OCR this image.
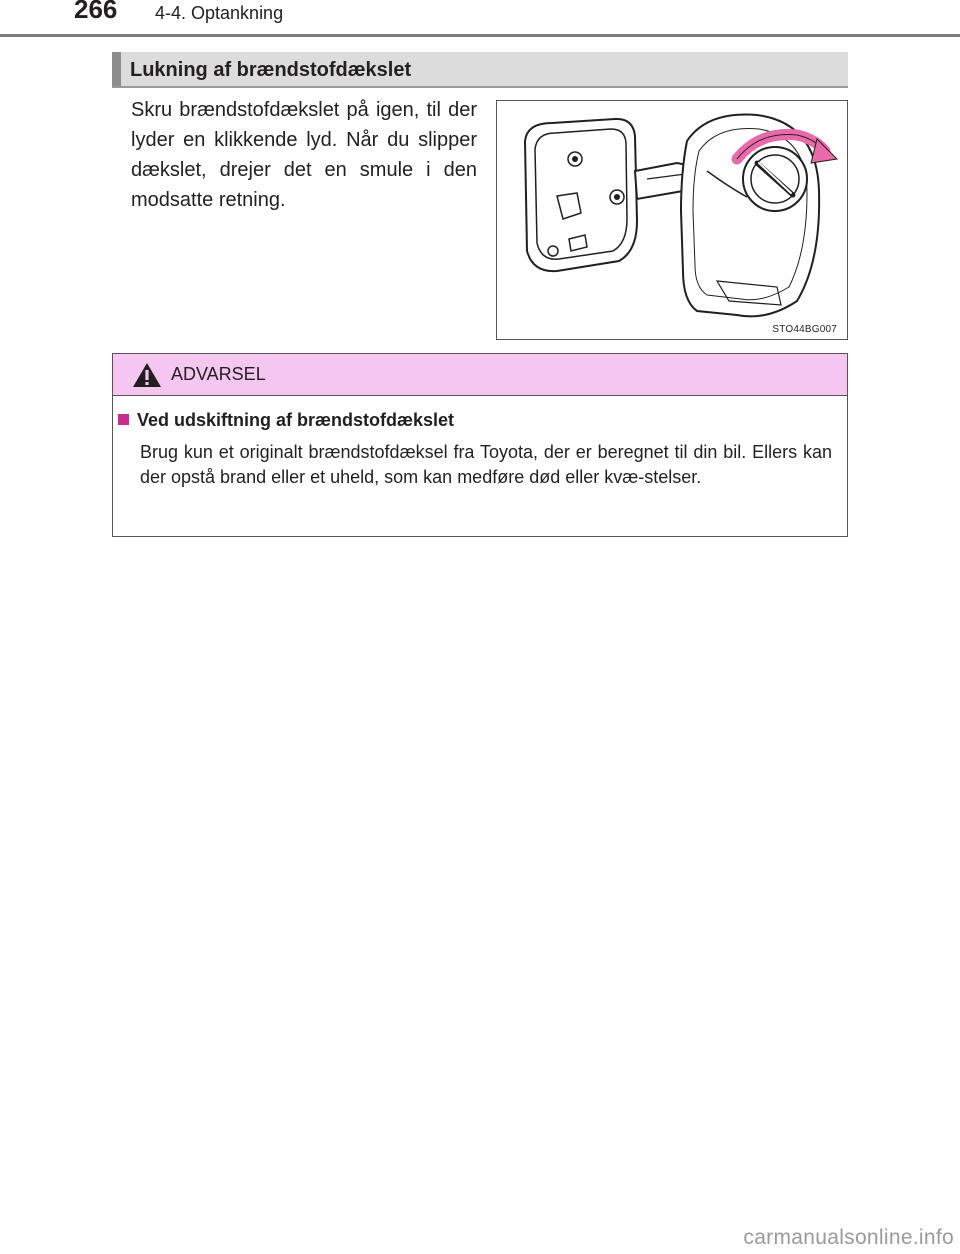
266 4-4. Optankning
Lukning af brændstofdækslet
Skru brændstofdækslet på igen, til der lyder en klikkende lyd. Når du slipper dækslet, drejer det en smule i den modsatte retning.
STO44BG007
ADVARSEL
Ved udskiftning af brændstofdækslet
Brug kun et originalt brændstofdæksel fra Toyota, der er beregnet til din bil. Ellers kan der opstå brand eller et uheld, som kan medføre død eller kvæ-stelser.
carmanualsonline.info
